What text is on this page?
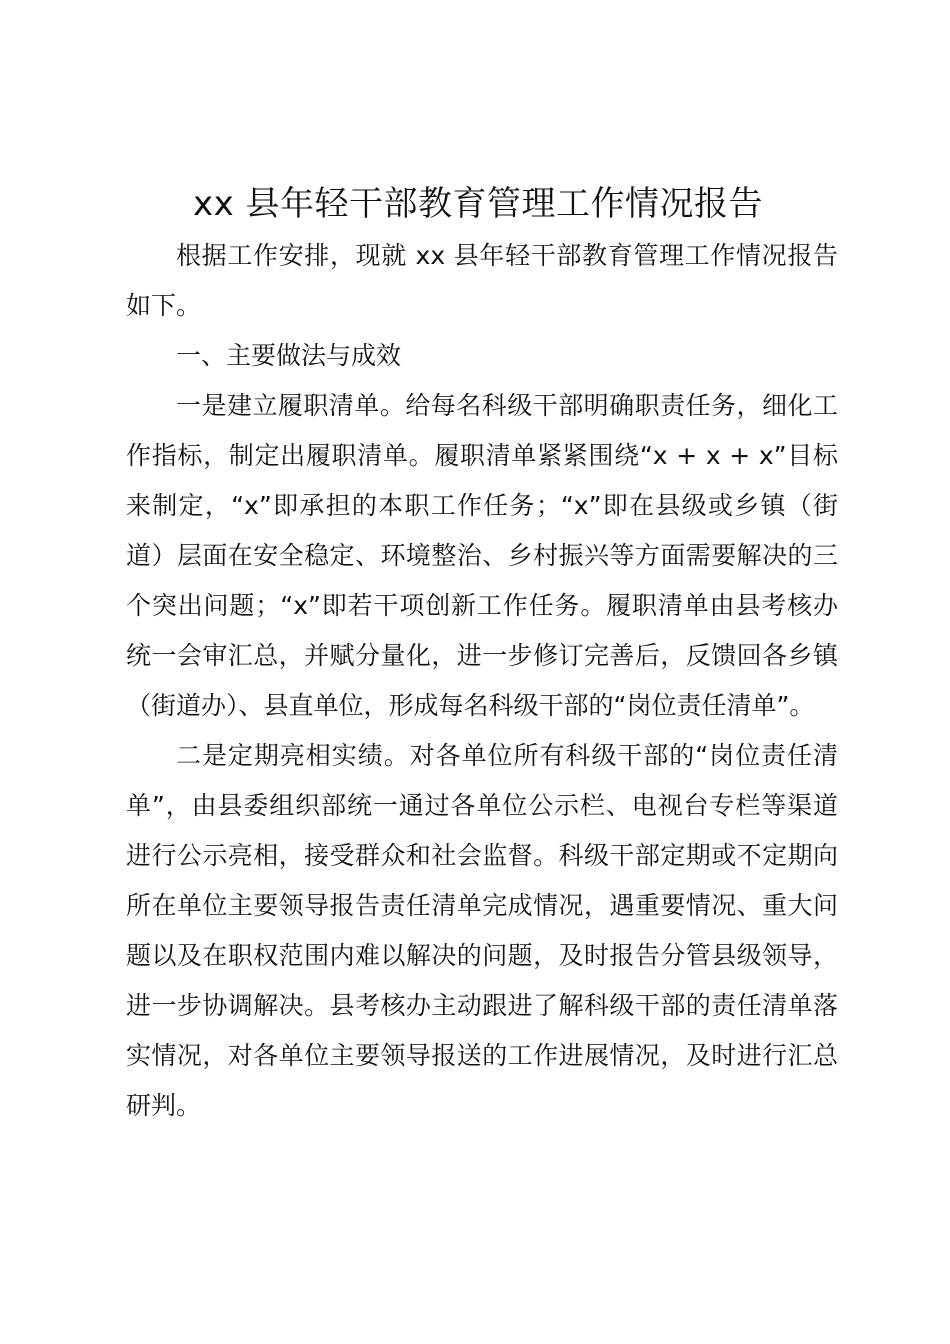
xx 县年轻干部教育管理工作情况报告

根据工作安排，现就 xx 县年轻干部教育管理工作情况报告如下。

一、主要做法与成效

一是建立履职清单。给每名科级干部明确职责任务，细化工作指标，制定出履职清单。履职清单紧紧围绕“x + x + x”目标来制定，“x”即承担的本职工作任务；“x”即在县级或乡镇（街道）层面在安全稳定、环境整治、乡村振兴等方面需要解决的三个突出问题；“x”即若干项创新工作任务。履职清单由县考核办统一会审汇总，并赋分量化，进一步修订完善后，反馈回各乡镇（街道办）、县直单位，形成每名科级干部的“岗位责任清单”。

二是定期亮相实绩。对各单位所有科级干部的“岗位责任清单”，由县委组织部统一通过各单位公示栏、电视台专栏等渠道进行公示亮相，接受群众和社会监督。科级干部定期或不定期向所在单位主要领导报告责任清单完成情况，遇重要情况、重大问题以及在职权范围内难以解决的问题，及时报告分管县级领导，进一步协调解决。县考核办主动跟进了解科级干部的责任清单落实情况，对各单位主要领导报送的工作进展情况，及时进行汇总研判。
